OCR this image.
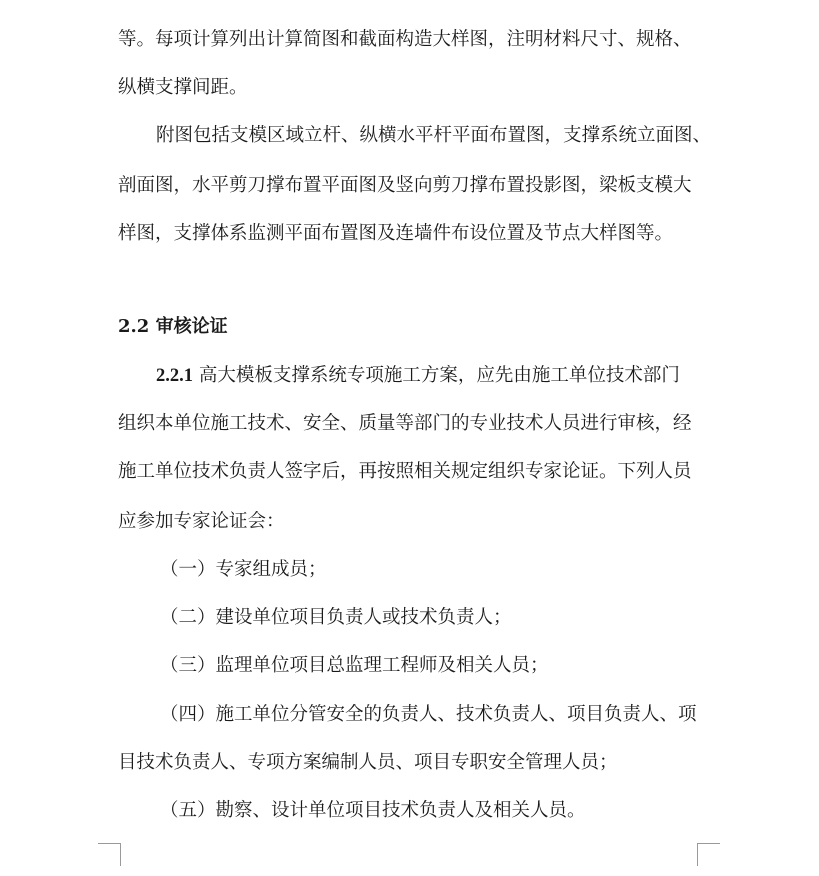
等。每项计算列出计算简图和截面构造大样图，注明材料尺寸、规格、
纵横支撑间距。
附图包括支模区域立杆、纵横水平杆平面布置图，支撑系统立面图、
剖面图，水平剪刀撑布置平面图及竖向剪刀撑布置投影图，梁板支模大
样图，支撑体系监测平面布置图及连墙件布设位置及节点大样图等。
2.2 审核论证
2.2.1 高大模板支撑系统专项施工方案，应先由施工单位技术部门
组织本单位施工技术、安全、质量等部门的专业技术人员进行审核，经
施工单位技术负责人签字后，再按照相关规定组织专家论证。下列人员
应参加专家论证会：
（一）专家组成员；
（二）建设单位项目负责人或技术负责人；
（三）监理单位项目总监理工程师及相关人员；
（四）施工单位分管安全的负责人、技术负责人、项目负责人、项
目技术负责人、专项方案编制人员、项目专职安全管理人员；
（五）勘察、设计单位项目技术负责人及相关人员。
